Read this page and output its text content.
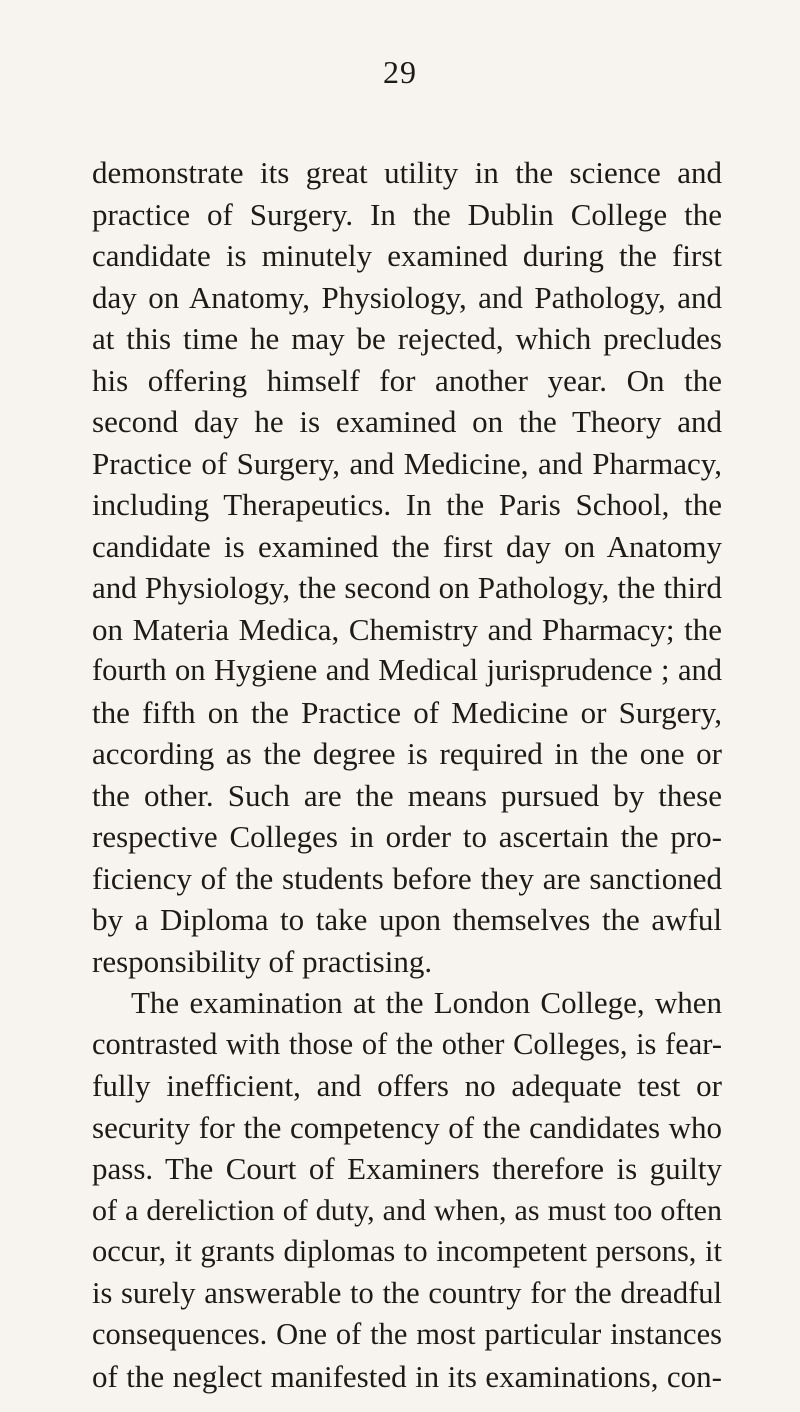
29
demonstrate its great utility in the science and
practice of Surgery. In the Dublin College the
candidate is minutely examined during the first
day on Anatomy, Physiology, and Pathology, and
at this time he may be rejected, which precludes
his offering himself for another year. On the
second day he is examined on the Theory and
Practice of Surgery, and Medicine, and Pharmacy,
including Therapeutics. In the Paris School, the
candidate is examined the first day on Anatomy
and Physiology, the second on Pathology, the third
on Materia Medica, Chemistry and Pharmacy; the
fourth on Hygiene and Medical jurisprudence ; and
the fifth on the Practice of Medicine or Surgery,
according as the degree is required in the one or
the other. Such are the means pursued by these
respective Colleges in order to ascertain the pro-
ficiency of the students before they are sanctioned
by a Diploma to take upon themselves the awful
responsibility of practising.
The examination at the London College, when
contrasted with those of the other Colleges, is fear-
fully inefficient, and offers no adequate test or
security for the competency of the candidates who
pass. The Court of Examiners therefore is guilty
of a dereliction of duty, and when, as must too often
occur, it grants diplomas to incompetent persons, it
is surely answerable to the country for the dreadful
consequences. One of the most particular instances
of the neglect manifested in its examinations, con-
